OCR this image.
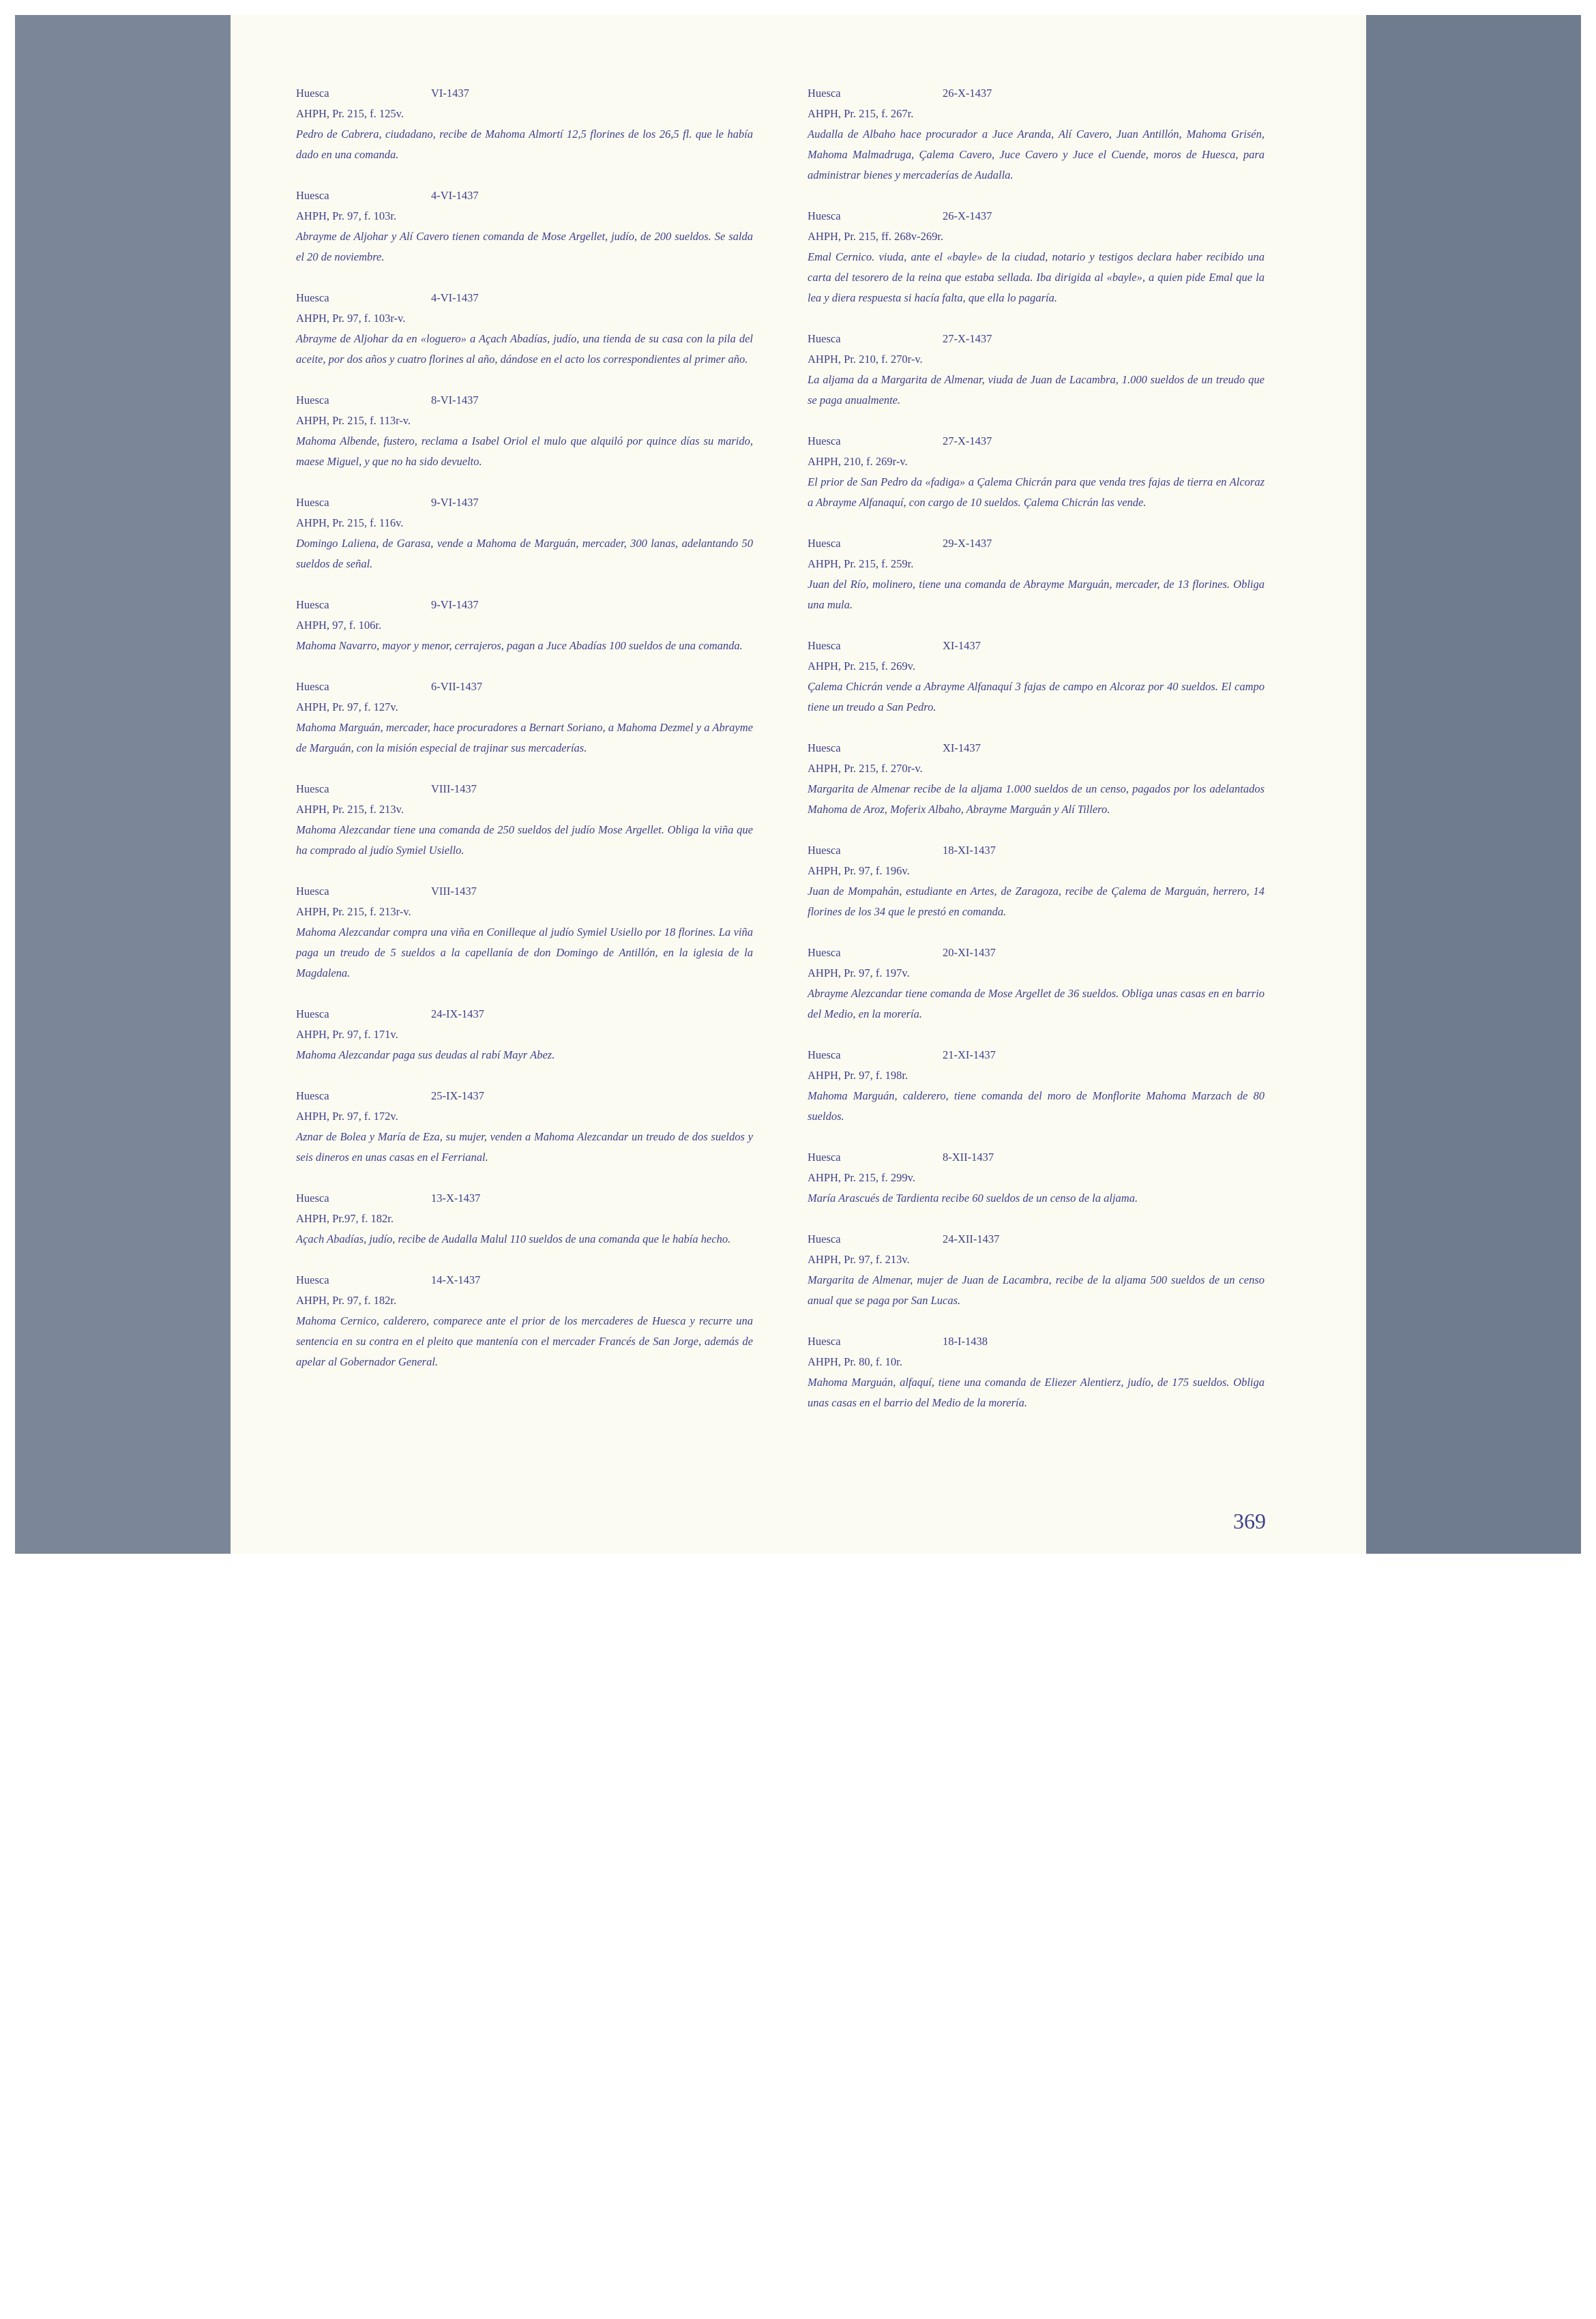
Huesca	VI-1437
AHPH, Pr. 215, f. 125v.
Pedro de Cabrera, ciudadano, recibe de Mahoma Almortí 12,5 florines de los 26,5 fl. que le había dado en una comanda.
Huesca	4-VI-1437
AHPH, Pr. 97, f. 103r.
Abrayme de Aljohar y Alí Cavero tienen comanda de Mose Argellet, judío, de 200 sueldos. Se salda el 20 de noviembre.
Huesca	4-VI-1437
AHPH, Pr. 97, f. 103r-v.
Abrayme de Aljohar da en «loguero» a Açach Abadías, judío, una tienda de su casa con la pila del aceite, por dos años y cuatro florines al año, dándose en el acto los correspondientes al primer año.
Huesca	8-VI-1437
AHPH, Pr. 215, f. 113r-v.
Mahoma Albende, fustero, reclama a Isabel Oriol el mulo que alquiló por quince días su marido, maese Miguel, y que no ha sido devuelto.
Huesca	9-VI-1437
AHPH, Pr. 215, f. 116v.
Domingo Laliena, de Garasa, vende a Mahoma de Marguán, mercader, 300 lanas, adelantando 50 sueldos de señal.
Huesca	9-VI-1437
AHPH, 97, f. 106r.
Mahoma Navarro, mayor y menor, cerrajeros, pagan a Juce Abadías 100 sueldos de una comanda.
Huesca	6-VII-1437
AHPH, Pr. 97, f. 127v.
Mahoma Marguán, mercader, hace procuradores a Bernart Soriano, a Mahoma Dezmel y a Abrayme de Marguán, con la misión especial de trajinar sus mercaderías.
Huesca	VIII-1437
AHPH, Pr. 215, f. 213v.
Mahoma Alezcandar tiene una comanda de 250 sueldos del judío Mose Argellet. Obliga la viña que ha comprado al judío Symiel Usiello.
Huesca	VIII-1437
AHPH, Pr. 215, f. 213r-v.
Mahoma Alezcandar compra una viña en Conilleque al judío Symiel Usiello por 18 florines. La viña paga un treudo de 5 sueldos a la capellanía de don Domingo de Antillón, en la iglesia de la Magdalena.
Huesca	24-IX-1437
AHPH, Pr. 97, f. 171v.
Mahoma Alezcandar paga sus deudas al rabí Mayr Abez.
Huesca	25-IX-1437
AHPH, Pr. 97, f. 172v.
Aznar de Bolea y María de Eza, su mujer, venden a Mahoma Alezcandar un treudo de dos sueldos y seis dineros en unas casas en el Ferrianal.
Huesca	13-X-1437
AHPH, Pr.97, f. 182r.
Açach Abadías, judío, recibe de Audalla Malul 110 sueldos de una comanda que le había hecho.
Huesca	14-X-1437
AHPH, Pr. 97, f. 182r.
Mahoma Cernico, calderero, comparece ante el prior de los mercaderes de Huesca y recurre una sentencia en su contra en el pleito que mantenía con el mercader Francés de San Jorge, además de apelar al Gobernador General.
Huesca	26-X-1437
AHPH, Pr. 215, f. 267r.
Audalla de Albaho hace procurador a Juce Aranda, Alí Cavero, Juan Antillón, Mahoma Grisén, Mahoma Malmadruga, Çalema Cavero, Juce Cavero y Juce el Cuende, moros de Huesca, para administrar bienes y mercaderías de Audalla.
Huesca	26-X-1437
AHPH, Pr. 215, ff. 268v-269r.
Emal Cernico. viuda, ante el «bayle» de la ciudad, notario y testigos declara haber recibido una carta del tesorero de la reina que estaba sellada. Iba dirigida al «bayle», a quien pide Emal que la lea y diera respuesta si hacía falta, que ella lo pagaría.
Huesca	27-X-1437
AHPH, Pr. 210, f. 270r-v.
La aljama da a Margarita de Almenar, viuda de Juan de Lacambra, 1.000 sueldos de un treudo que se paga anualmente.
Huesca	27-X-1437
AHPH, 210, f. 269r-v.
El prior de San Pedro da «fadiga» a Çalema Chicrán para que venda tres fajas de tierra en Alcoraz a Abrayme Alfanaquí, con cargo de 10 sueldos. Çalema Chicrán las vende.
Huesca	29-X-1437
AHPH, Pr. 215, f. 259r.
Juan del Río, molinero, tiene una comanda de Abrayme Marguán, mercader, de 13 florines. Obliga una mula.
Huesca	XI-1437
AHPH, Pr. 215, f. 269v.
Çalema Chicrán vende a Abrayme Alfanaquí 3 fajas de campo en Alcoraz por 40 sueldos. El campo tiene un treudo a San Pedro.
Huesca	XI-1437
AHPH, Pr. 215, f. 270r-v.
Margarita de Almenar recibe de la aljama 1.000 sueldos de un censo, pagados por los adelantados Mahoma de Aroz, Moferix Albaho, Abrayme Marguán y Alí Tillero.
Huesca	18-XI-1437
AHPH, Pr. 97, f. 196v.
Juan de Mompahán, estudiante en Artes, de Zaragoza, recibe de Çalema de Marguán, herrero, 14 florines de los 34 que le prestó en comanda.
Huesca	20-XI-1437
AHPH, Pr. 97, f. 197v.
Abrayme Alezcandar tiene comanda de Mose Argellet de 36 sueldos. Obliga unas casas en en barrio del Medio, en la morería.
Huesca	21-XI-1437
AHPH, Pr. 97, f. 198r.
Mahoma Marguán, calderero, tiene comanda del moro de Monflorite Mahoma Marzach de 80 sueldos.
Huesca	8-XII-1437
AHPH, Pr. 215, f. 299v.
María Arascués de Tardienta recibe 60 sueldos de un censo de la aljama.
Huesca	24-XII-1437
AHPH, Pr. 97, f. 213v.
Margarita de Almenar, mujer de Juan de Lacambra, recibe de la aljama 500 sueldos de un censo anual que se paga por San Lucas.
Huesca	18-I-1438
AHPH, Pr. 80, f. 10r.
Mahoma Marguán, alfaquí, tiene una comanda de Eliezer Alentierz, judío, de 175 sueldos. Obliga unas casas en el barrio del Medio de la morería.
369
